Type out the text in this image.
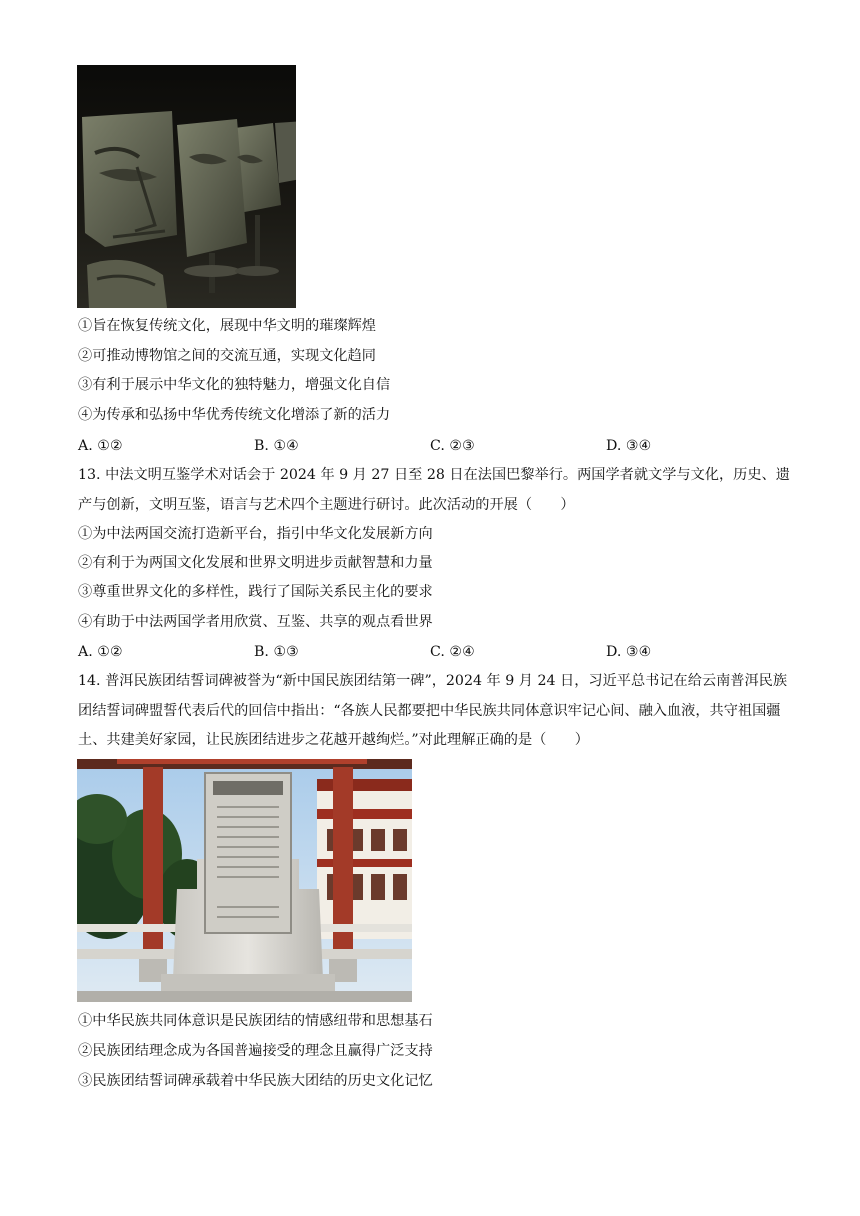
①旨在恢复传统文化，展现中华文明的璀璨辉煌
②可推动博物馆之间的交流互通，实现文化趋同
③有利于展示中华文化的独特魅力，增强文化自信
④为传承和弘扬中华优秀传统文化增添了新的活力
A. ①②	B. ①④	C. ②③	D. ③④
13. 中法文明互鉴学术对话会于 2024 年 9 月 27 日至 28 日在法国巴黎举行。两国学者就文学与文化，历史、遗产与创新，文明互鉴，语言与艺术四个主题进行研讨。此次活动的开展（　　）
①为中法两国交流打造新平台，指引中华文化发展新方向
②有利于为两国文化发展和世界文明进步贡献智慧和力量
③尊重世界文化的多样性，践行了国际关系民主化的要求
④有助于中法两国学者用欣赏、互鉴、共享的观点看世界
A. ①②	B. ①③	C. ②④	D. ③④
14. 普洱民族团结誓词碑被誉为“新中国民族团结第一碑”，2024 年 9 月 24 日，习近平总书记在给云南普洱民族团结誓词碑盟誓代表后代的回信中指出：“各族人民都要把中华民族共同体意识牢记心间、融入血液，共守祖国疆土、共建美好家园，让民族团结进步之花越开越绚烂。”对此理解正确的是（　　）
①中华民族共同体意识是民族团结的情感纽带和思想基石
②民族团结理念成为各国普遍接受的理念且赢得广泛支持
③民族团结誓词碑承载着中华民族大团结的历史文化记忆
